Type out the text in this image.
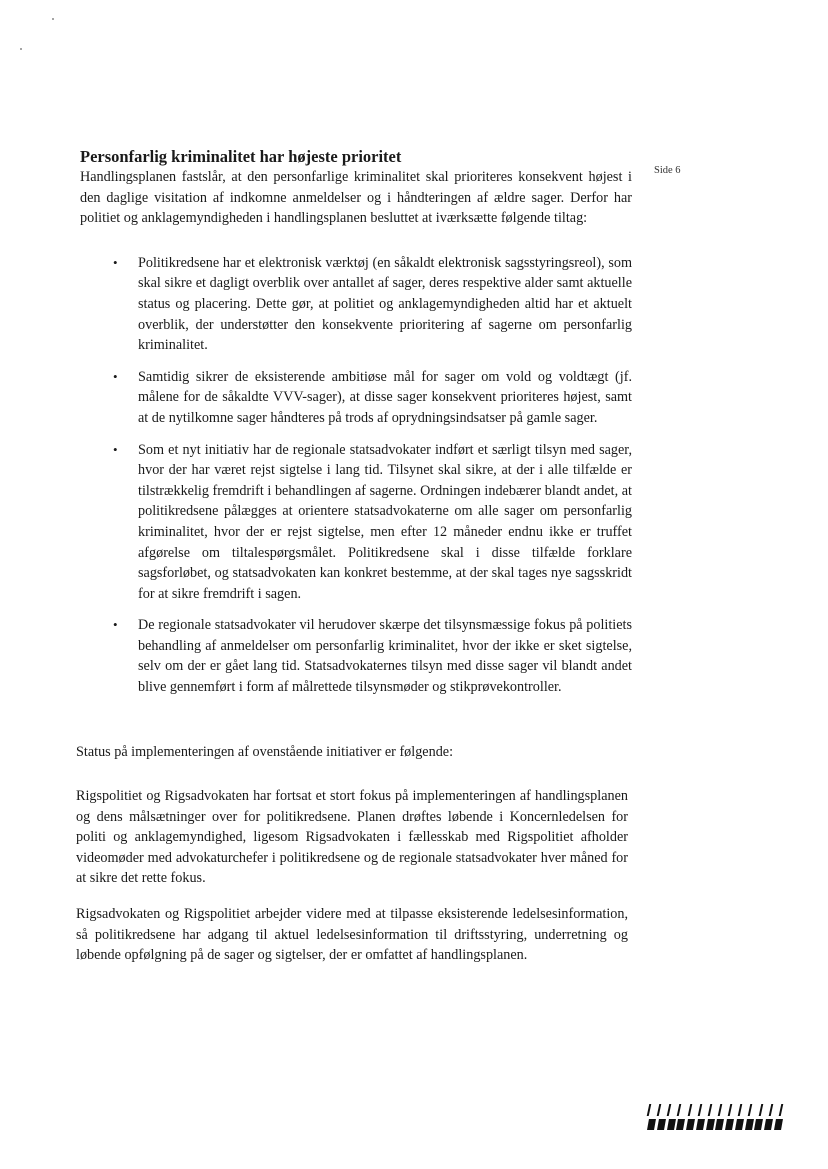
Side 6
Personfarlig kriminalitet har højeste prioritet

Handlingsplanen fastslår, at den personfarlige kriminalitet skal prioriteres konsekvent højest i den daglige visitation af indkomne anmeldelser og i håndteringen af ældre sager. Derfor har politiet og anklagemyndigheden i handlingsplanen besluttet at iværksætte følgende tiltag:

• Politikredsene har et elektronisk værktøj (en såkaldt elektronisk sagsstyringsreol), som skal sikre et dagligt overblik over antallet af sager, deres respektive alder samt aktuelle status og placering. Dette gør, at politiet og anklagemyndigheden altid har et aktuelt overblik, der understøtter den konsekvente prioritering af sagerne om personfarlig kriminalitet.
• Samtidig sikrer de eksisterende ambitiøse mål for sager om vold og voldtægt (jf. målene for de såkaldte VVV-sager), at disse sager konsekvent prioriteres højest, samt at de nytilkomne sager håndteres på trods af oprydningsindsatser på gamle sager.
• Som et nyt initiativ har de regionale statsadvokater indført et særligt tilsyn med sager, hvor der har været rejst sigtelse i lang tid. Tilsynet skal sikre, at der i alle tilfælde er tilstrækkelig fremdrift i behandlingen af sagerne. Ordningen indebærer blandt andet, at politikredsene pålægges at orientere statsadvokaterne om alle sager om personfarlig kriminalitet, hvor der er rejst sigtelse, men efter 12 måneder endnu ikke er truffet afgørelse om tiltalespørgsmålet. Politikredsene skal i disse tilfælde forklare sagsforløbet, og statsadvokaten kan konkret bestemme, at der skal tages nye sagsskridt for at sikre fremdrift i sagen.
• De regionale statsadvokater vil herudover skærpe det tilsynsmæssige fokus på politiets behandling af anmeldelser om personfarlig kriminalitet, hvor der ikke er sket sigtelse, selv om der er gået lang tid. Statsadvokaternes tilsyn med disse sager vil blandt andet blive gennemført i form af målrettede tilsynsmøder og stikprøvekontroller.

Status på implementeringen af ovenstående initiativer er følgende:

Rigspolitiet og Rigsadvokaten har fortsat et stort fokus på implementeringen af handlingsplanen og dens målsætninger over for politikredsene. Planen drøftes løbende i Koncernledelsen for politi og anklagemyndighed, ligesom Rigsadvokaten i fællesskab med Rigspolitiet afholder videomøder med advokaturchefer i politikredsene og de regionale statsadvokater hver måned for at sikre det rette fokus.

Rigsadvokaten og Rigspolitiet arbejder videre med at tilpasse eksisterende ledelsesinformation, så politikredsene har adgang til aktuel ledelsesinformation til driftsstyring, underretning og løbende opfølgning på de sager og sigtelser, der er omfattet af handlingsplanen.
